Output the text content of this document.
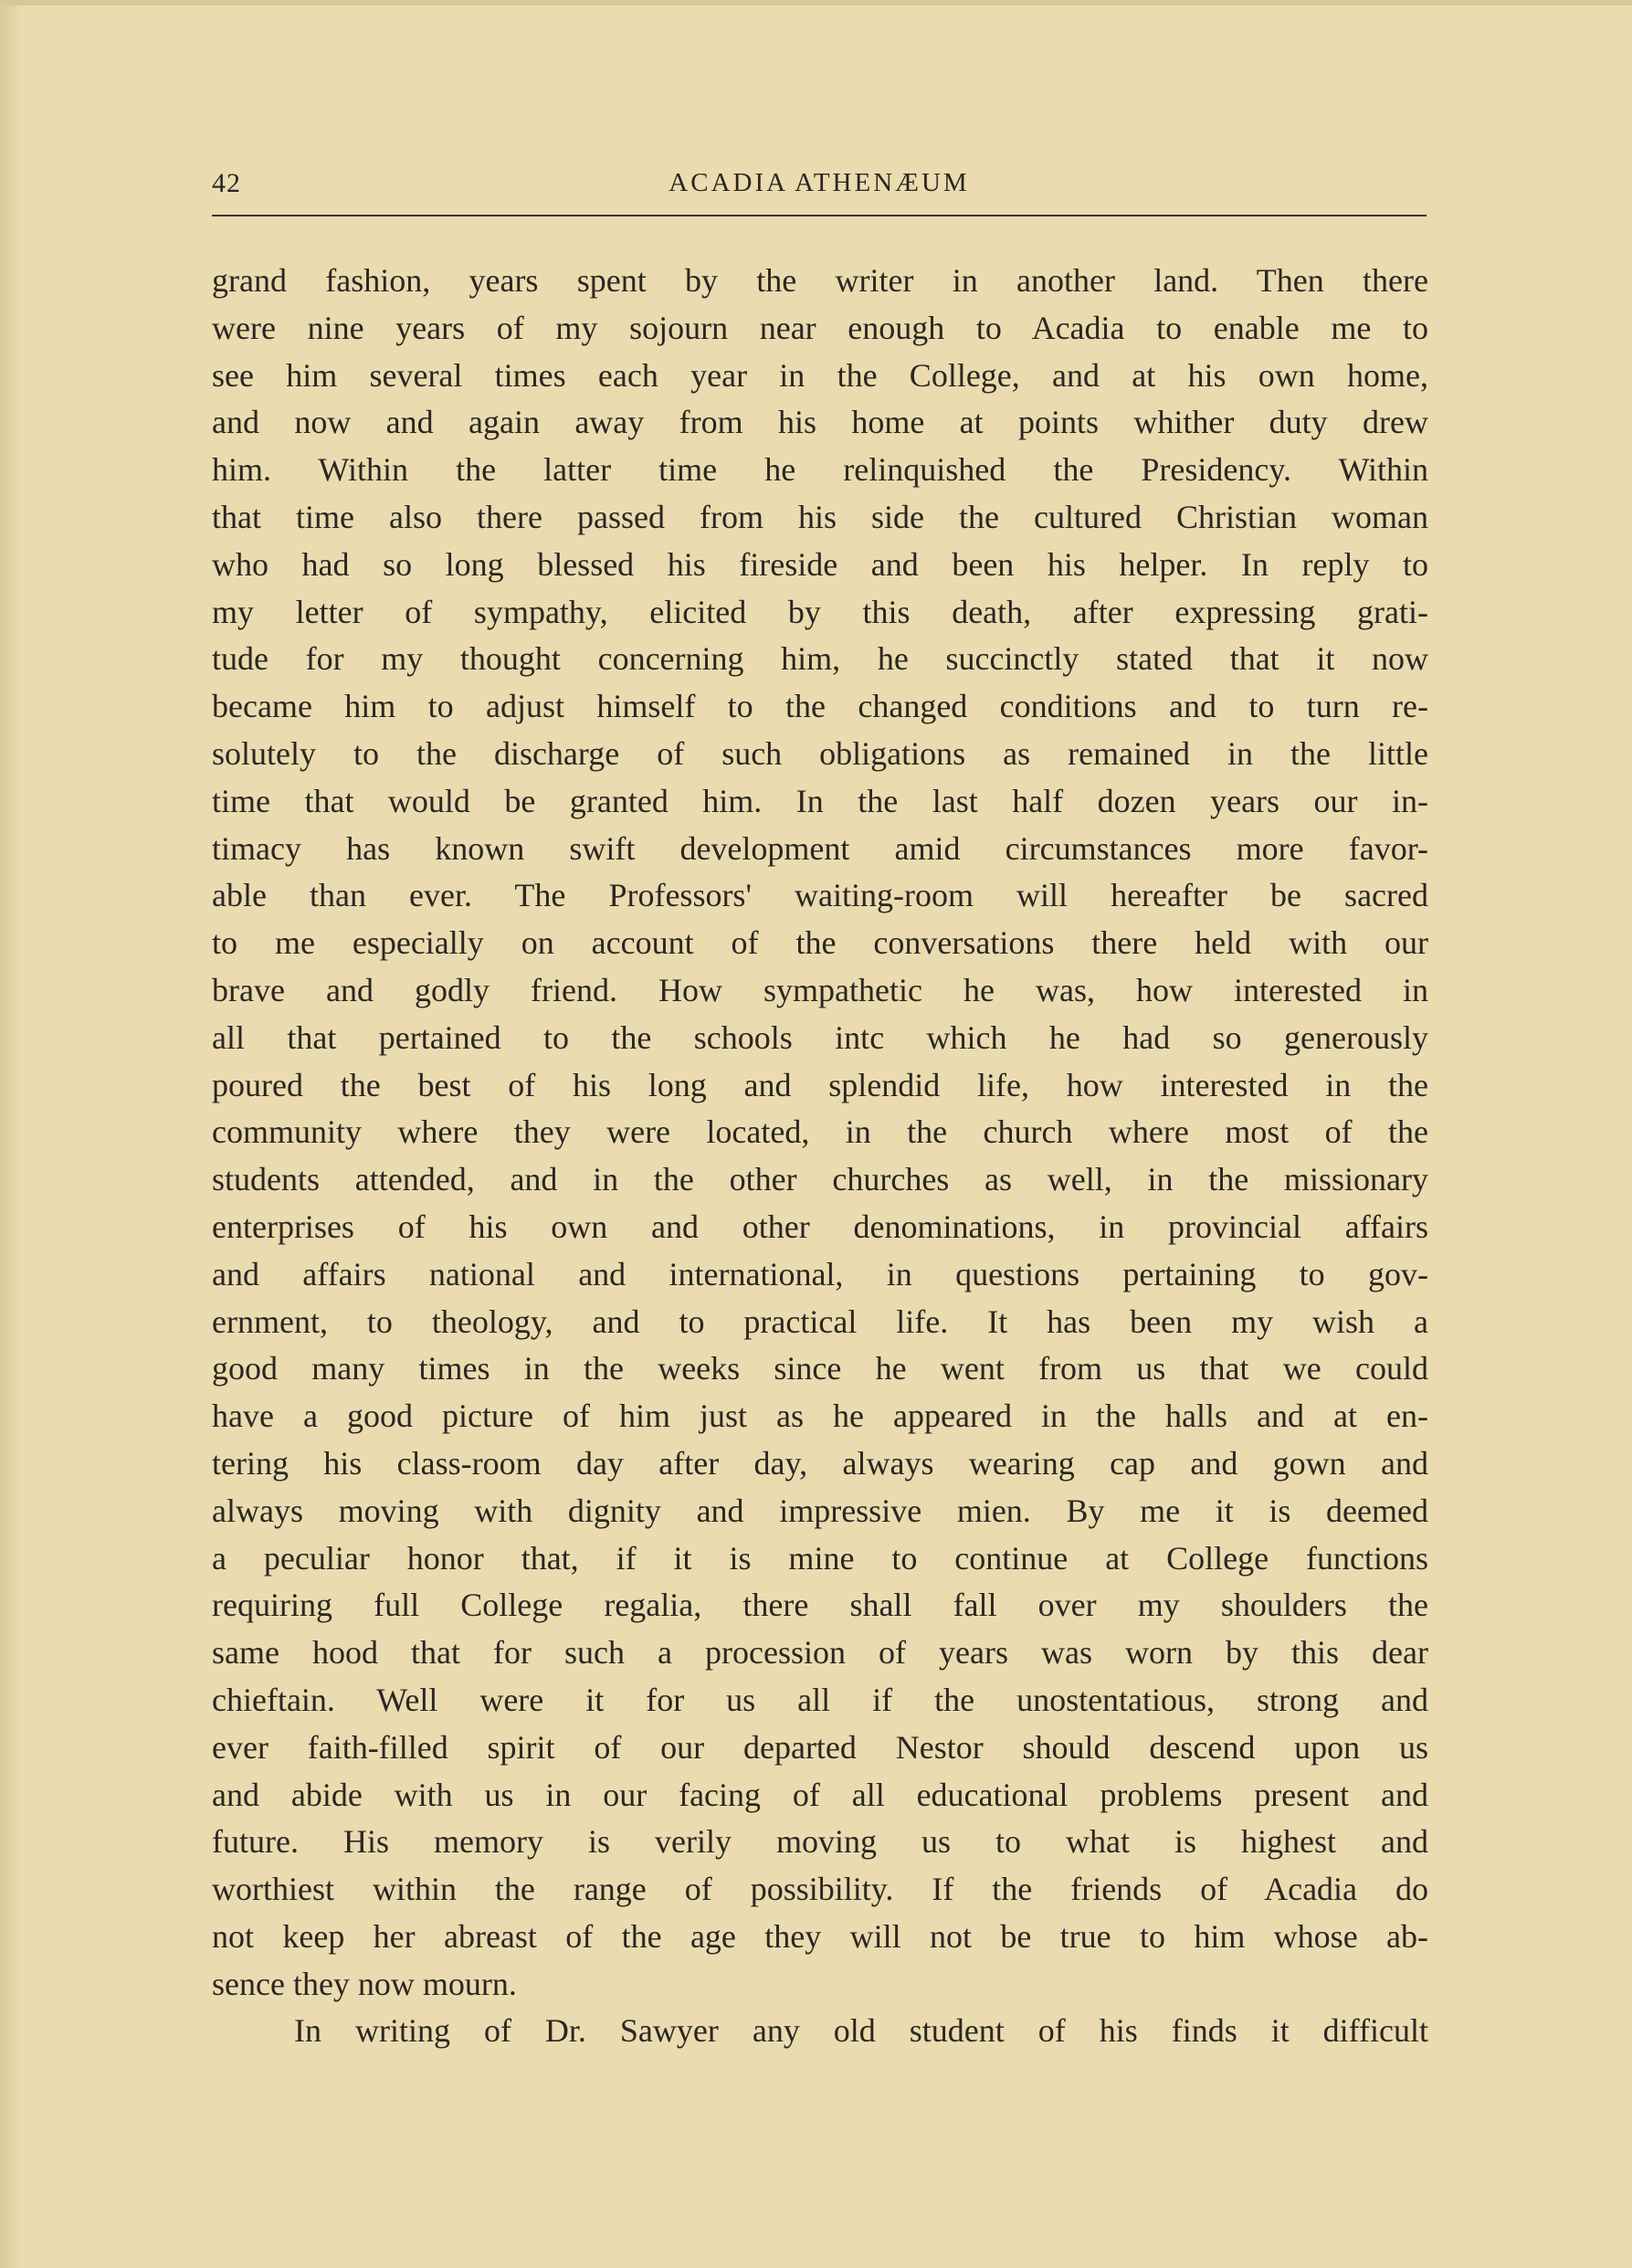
42	ACADIA ATHENÆUM
grand fashion, years spent by the writer in another land. Then there
were nine years of my sojourn near enough to Acadia to enable me to
see him several times each year in the College, and at his own home,
and now and again away from his home at points whither duty drew
him. Within the latter time he relinquished the Presidency. Within
that time also there passed from his side the cultured Christian woman
who had so long blessed his fireside and been his helper. In reply to
my letter of sympathy, elicited by this death, after expressing grati-
tude for my thought concerning him, he succinctly stated that it now
became him to adjust himself to the changed conditions and to turn re-
solutely to the discharge of such obligations as remained in the little
time that would be granted him. In the last half dozen years our in-
timacy has known swift development amid circumstances more favor-
able than ever. The Professors' waiting-room will hereafter be sacred
to me especially on account of the conversations there held with our
brave and godly friend. How sympathetic he was, how interested in
all that pertained to the schools intc which he had so generously
poured the best of his long and splendid life, how interested in the
community where they were located, in the church where most of the
students attended, and in the other churches as well, in the missionary
enterprises of his own and other denominations, in provincial affairs
and affairs national and international, in questions pertaining to gov-
ernment, to theology, and to practical life. It has been my wish a
good many times in the weeks since he went from us that we could
have a good picture of him just as he appeared in the halls and at en-
tering his class-room day after day, always wearing cap and gown and
always moving with dignity and impressive mien. By me it is deemed
a peculiar honor that, if it is mine to continue at College functions
requiring full College regalia, there shall fall over my shoulders the
same hood that for such a procession of years was worn by this dear
chieftain. Well were it for us all if the unostentatious, strong and
ever faith-filled spirit of our departed Nestor should descend upon us
and abide with us in our facing of all educational problems present and
future. His memory is verily moving us to what is highest and
worthiest within the range of possibility. If the friends of Acadia do
not keep her abreast of the age they will not be true to him whose ab-
sence they now mourn.
In writing of Dr. Sawyer any old student of his finds it difficult
